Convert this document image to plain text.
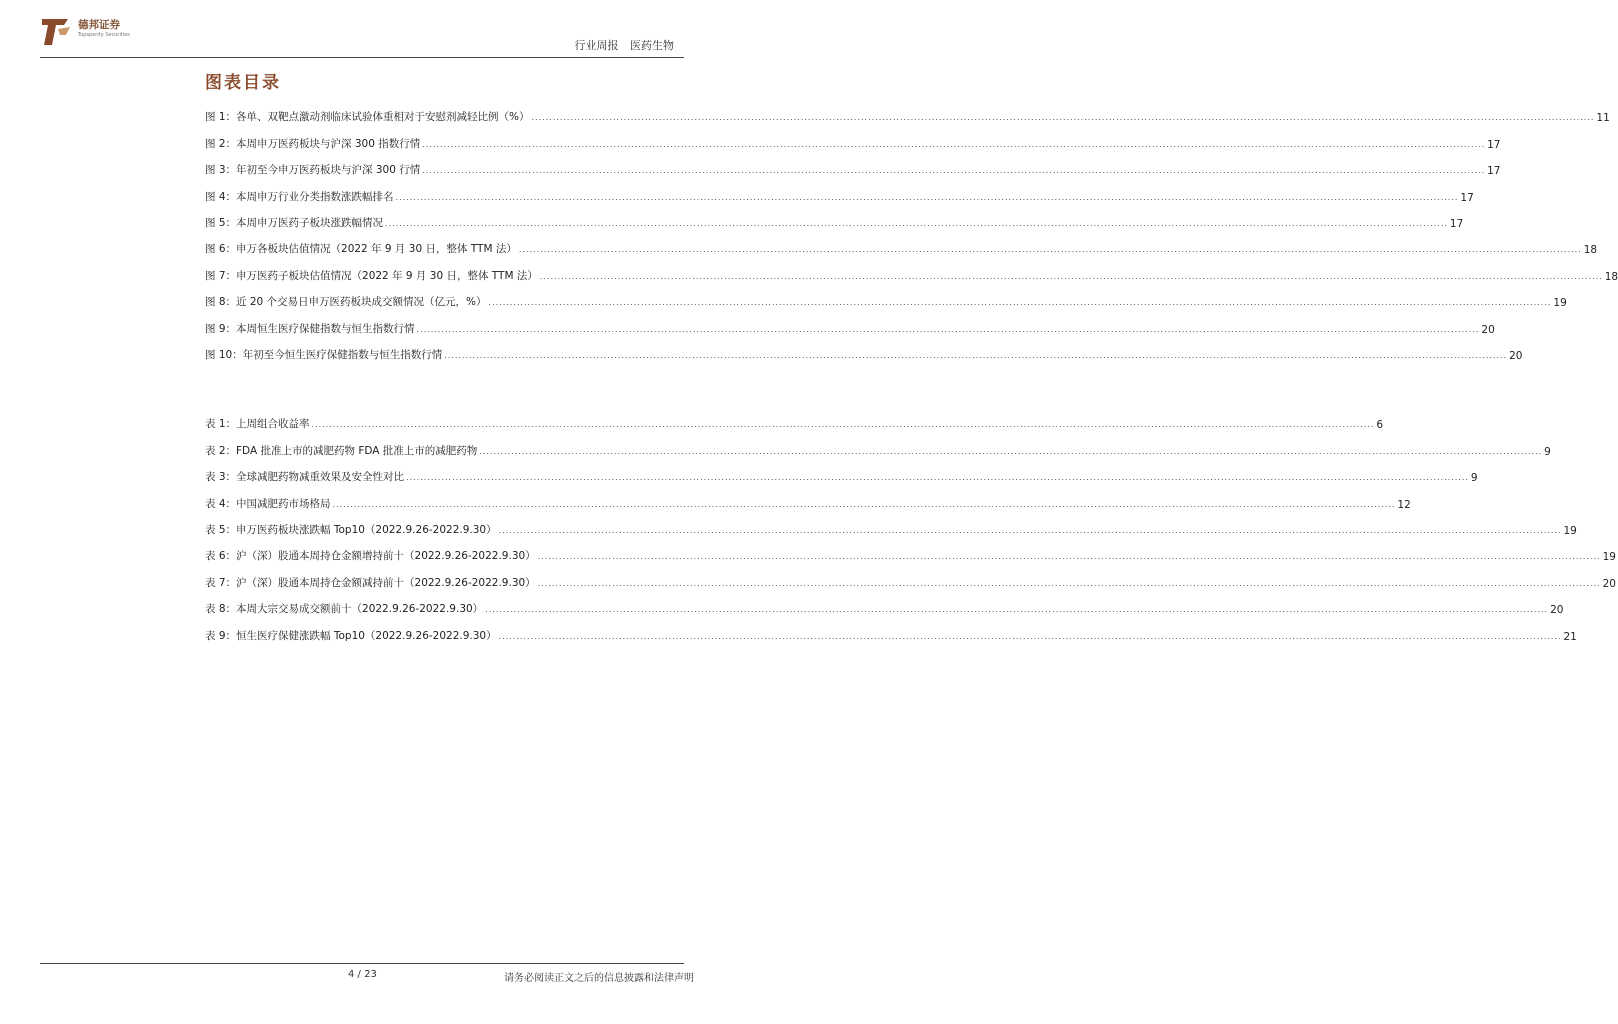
德邦证券
Topsperity Securities
行业周报 医药生物
图表目录
图 1：各单、双靶点激动剂临床试验体重相对于安慰剂减轻比例（%） ............................................................................................................................................................................................................................................................................................................ 11
图 2：本周申万医药板块与沪深 300 指数行情 ............................................................................................................................................................................................................................................................................................................ 17
图 3：年初至今申万医药板块与沪深 300 行情 ............................................................................................................................................................................................................................................................................................................ 17
图 4：本周申万行业分类指数涨跌幅排名 ............................................................................................................................................................................................................................................................................................................ 17
图 5：本周申万医药子板块涨跌幅情况 ............................................................................................................................................................................................................................................................................................................ 17
图 6：申万各板块估值情况（2022 年 9 月 30 日，整体 TTM 法） ............................................................................................................................................................................................................................................................................................................ 18
图 7：申万医药子板块估值情况（2022 年 9 月 30 日，整体 TTM 法） ............................................................................................................................................................................................................................................................................................................ 18
图 8：近 20 个交易日申万医药板块成交额情况（亿元，%） ............................................................................................................................................................................................................................................................................................................ 19
图 9：本周恒生医疗保健指数与恒生指数行情 ............................................................................................................................................................................................................................................................................................................ 20
图 10：年初至今恒生医疗保健指数与恒生指数行情 ............................................................................................................................................................................................................................................................................................................ 20
表 1：上周组合收益率 ............................................................................................................................................................................................................................................................................................................ 6
表 2：FDA 批准上市的减肥药物 FDA 批准上市的减肥药物 ............................................................................................................................................................................................................................................................................................................ 9
表 3：全球减肥药物减重效果及安全性对比 ............................................................................................................................................................................................................................................................................................................ 9
表 4：中国减肥药市场格局 ............................................................................................................................................................................................................................................................................................................ 12
表 5：申万医药板块涨跌幅 Top10（2022.9.26-2022.9.30） ............................................................................................................................................................................................................................................................................................................ 19
表 6：沪（深）股通本周持仓金额增持前十（2022.9.26-2022.9.30） ............................................................................................................................................................................................................................................................................................................ 19
表 7：沪（深）股通本周持仓金额减持前十（2022.9.26-2022.9.30） ............................................................................................................................................................................................................................................................................................................ 20
表 8：本周大宗交易成交额前十（2022.9.26-2022.9.30） ............................................................................................................................................................................................................................................................................................................ 20
表 9：恒生医疗保健涨跌幅 Top10（2022.9.26-2022.9.30） ............................................................................................................................................................................................................................................................................................................ 21
4 / 23	请务必阅读正文之后的信息披露和法律声明
